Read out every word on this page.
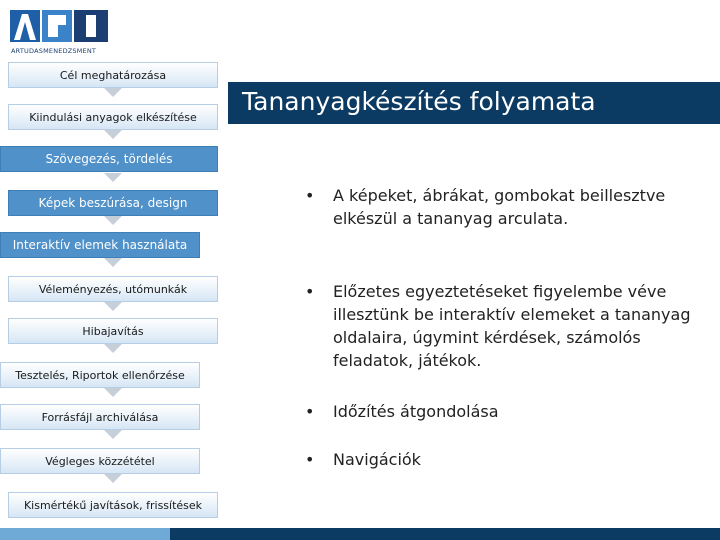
ARTUDASMENEDZSMENT
Tananyagkészítés folyamata
Cél meghatározása
Kiindulási anyagok elkészítése
Szövegezés, tördelés
Képek beszúrása, design
Interaktív elemek használata
Véleményezés, utómunkák
Hibajavítás
Tesztelés, Riportok ellenőrzése
Forrásfájl archiválása
Végleges közzététel
Kismértékű javítások, frissítések
• A képeket, ábrákat, gombokat beillesztve elkészül a tananyag arculata.
• Előzetes egyeztetéseket figyelembe véve illesztünk be interaktív elemeket a tananyag oldalaira, úgymint kérdések, számolós feladatok, játékok.
• Időzítés átgondolása
• Navigációk
